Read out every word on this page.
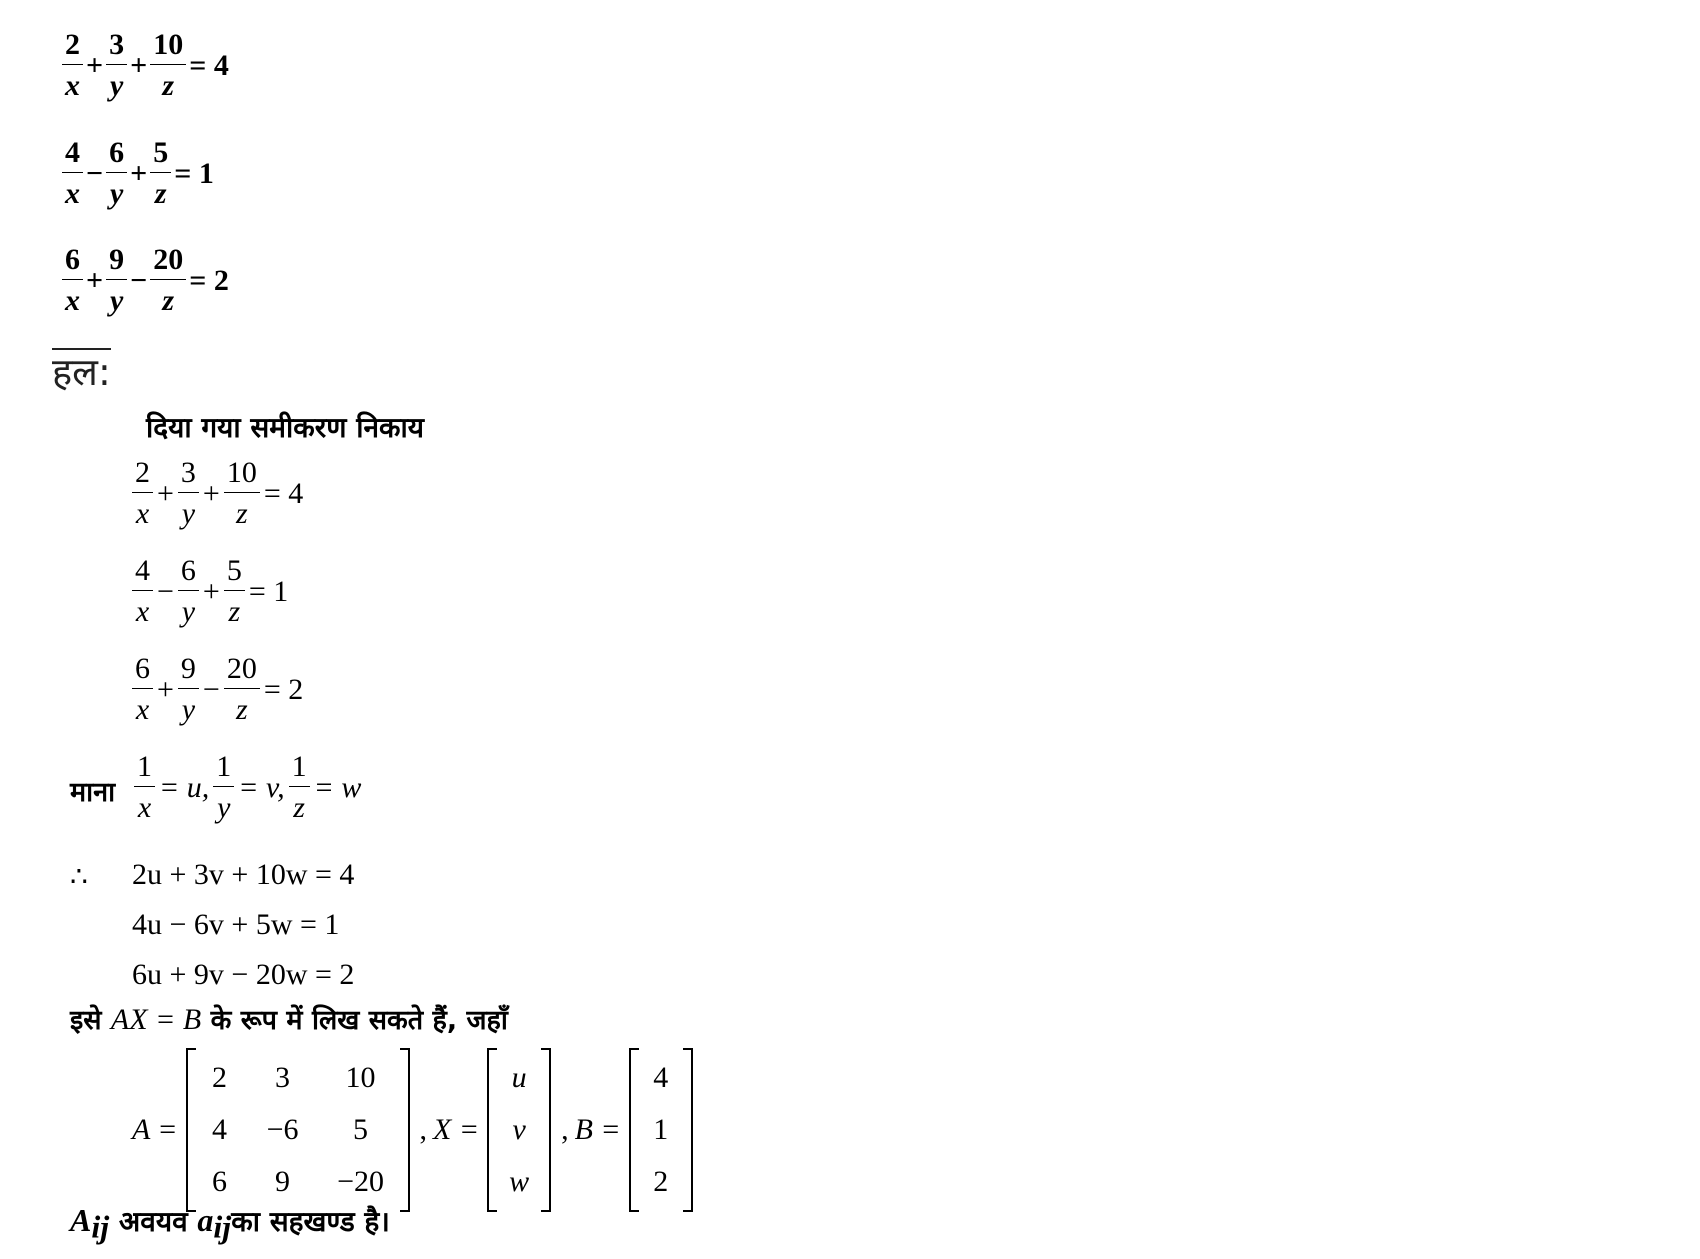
$\frac{2}{x} + \frac{3}{y} + \frac{10}{z} = 4$
$\frac{4}{x} - \frac{6}{y} + \frac{5}{z} = 1$
$\frac{6}{x} + \frac{9}{y} - \frac{20}{z} = 2$
हल:
दिया गया समीकरण निकाय
$\frac{2}{x} + \frac{3}{y} + \frac{10}{z} = 4$
$\frac{4}{x} - \frac{6}{y} + \frac{5}{z} = 1$
$\frac{6}{x} + \frac{9}{y} - \frac{20}{z} = 2$
माना $\frac{1}{x} = u$, $\frac{1}{y} = v$, $\frac{1}{z} = w$
∴ 2u + 3v + 10w = 4
4u − 6v + 5w = 1
6u + 9v − 20w = 2
इसे AX = B के रूप में लिख सकते हैं, जहाँ
A =
2	3	10
4	−6	5
6	9	−20
, X =
u
v
w
, B =
4
1
2
$A_{ij}$ अवयव $a_{ij}का$ सहखण्ड है।
